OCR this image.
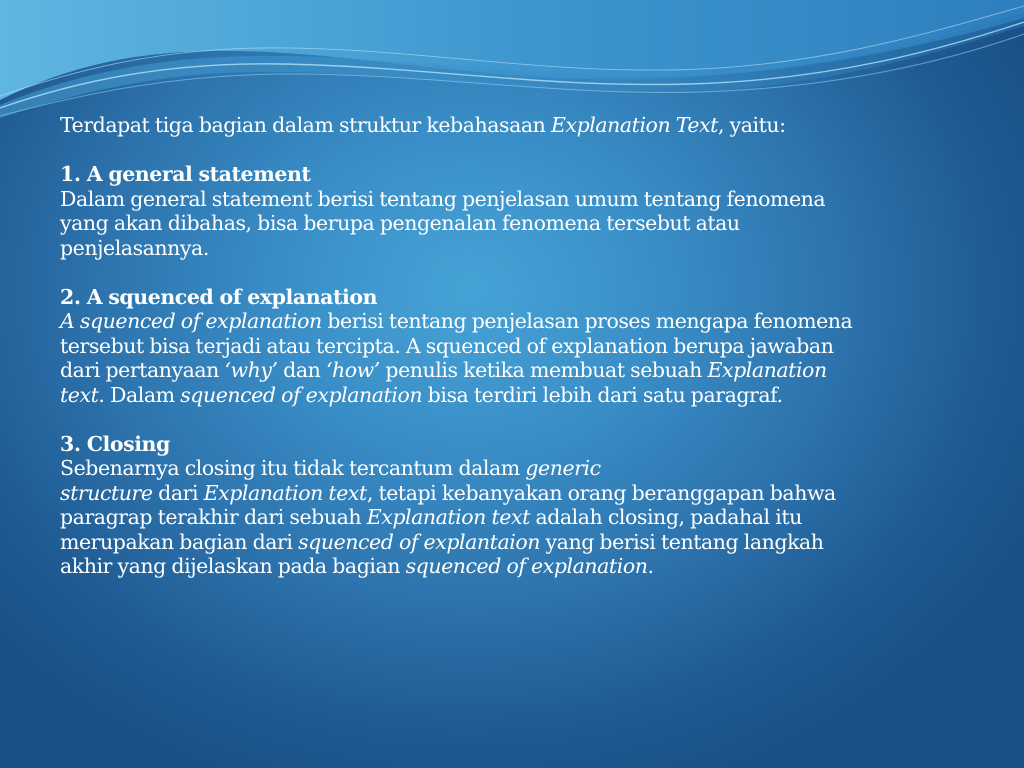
Terdapat tiga bagian dalam struktur kebahasaan Explanation Text, yaitu:
1. A general statement
Dalam general statement berisi tentang penjelasan umum tentang fenomena
yang akan dibahas, bisa berupa pengenalan fenomena tersebut atau
penjelasannya.
2. A squenced of explanation
A squenced of explanation berisi tentang penjelasan proses mengapa fenomena
tersebut bisa terjadi atau tercipta. A squenced of explanation berupa jawaban
dari pertanyaan ‘why’ dan ‘how’ penulis ketika membuat sebuah Explanation
text. Dalam squenced of explanation bisa terdiri lebih dari satu paragraf.
3. Closing
Sebenarnya closing itu tidak tercantum dalam generic
structure dari Explanation text, tetapi kebanyakan orang beranggapan bahwa
paragrap terakhir dari sebuah Explanation text adalah closing, padahal itu
merupakan bagian dari squenced of explantaion yang berisi tentang langkah
akhir yang dijelaskan pada bagian squenced of explanation.
